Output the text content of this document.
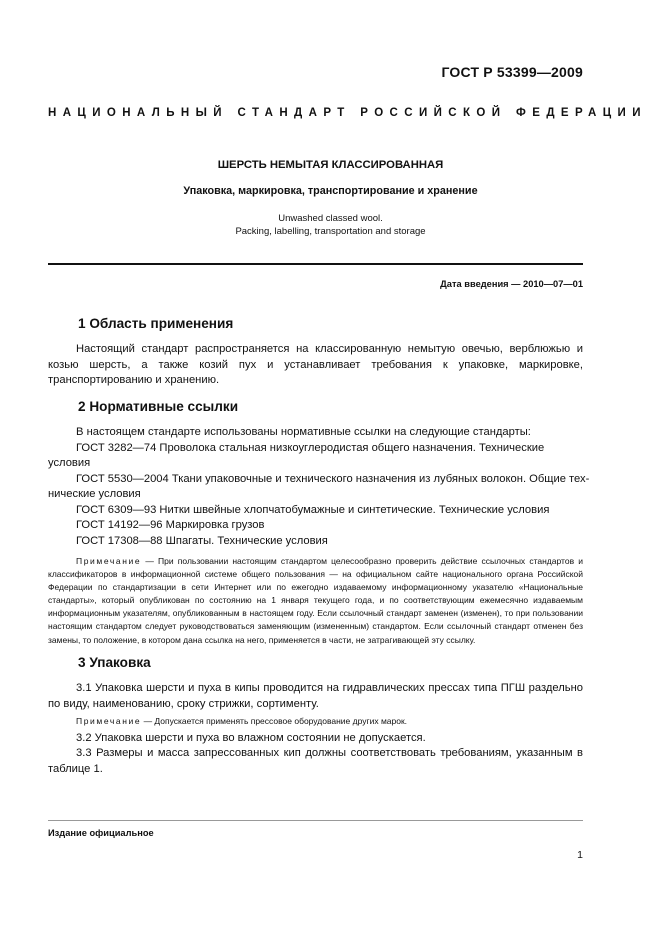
ГОСТ Р 53399—2009
НАЦИОНАЛЬНЫЙ СТАНДАРТ РОССИЙСКОЙ ФЕДЕРАЦИИ
ШЕРСТЬ НЕМЫТАЯ КЛАССИРОВАННАЯ
Упаковка, маркировка, транспортирование и хранение
Unwashed classed wool.
Packing, labelling, transportation and storage
Дата введения — 2010—07—01
1 Область применения
Настоящий стандарт распространяется на классированную немытую овечью, верблюжью и козью шерсть, а также козий пух и устанавливает требования к упаковке, маркировке, транспортированию и хранению.
2 Нормативные ссылки
В настоящем стандарте использованы нормативные ссылки на следующие стандарты:
ГОСТ 3282—74 Проволока стальная низкоуглеродистая общего назначения. Технические
условия
ГОСТ 5530—2004 Ткани упаковочные и технического назначения из лубяных волокон. Общие тех-
нические условия
ГОСТ 6309—93 Нитки швейные хлопчатобумажные и синтетические. Технические условия
ГОСТ 14192—96 Маркировка грузов
ГОСТ 17308—88 Шпагаты. Технические условия
Примечание — При пользовании настоящим стандартом целесообразно проверить действие ссылочных стандартов и классификаторов в информационной системе общего пользования — на официальном сайте национального органа Российской Федерации по стандартизации в сети Интернет или по ежегодно издаваемому информационному указателю «Национальные стандарты», который опубликован по состоянию на 1 января текущего года, и по соответствующим ежемесячно издаваемым информационным указателям, опубликованным в настоящем году. Если ссылочный стандарт заменен (изменен), то при пользовании настоящим стандартом следует руководствоваться заменяющим (измененным) стандартом. Если ссылочный стандарт отменен без замены, то положение, в котором дана ссылка на него, применяется в части, не затрагивающей эту ссылку.
3 Упаковка
3.1 Упаковка шерсти и пуха в кипы проводится на гидравлических прессах типа ПГШ раздельно по виду, наименованию, сроку стрижки, сортименту.
Примечание — Допускается применять прессовое оборудование других марок.
3.2 Упаковка шерсти и пуха во влажном состоянии не допускается.
3.3 Размеры и масса запрессованных кип должны соответствовать требованиям, указанным в таблице 1.
Издание официальное
1
